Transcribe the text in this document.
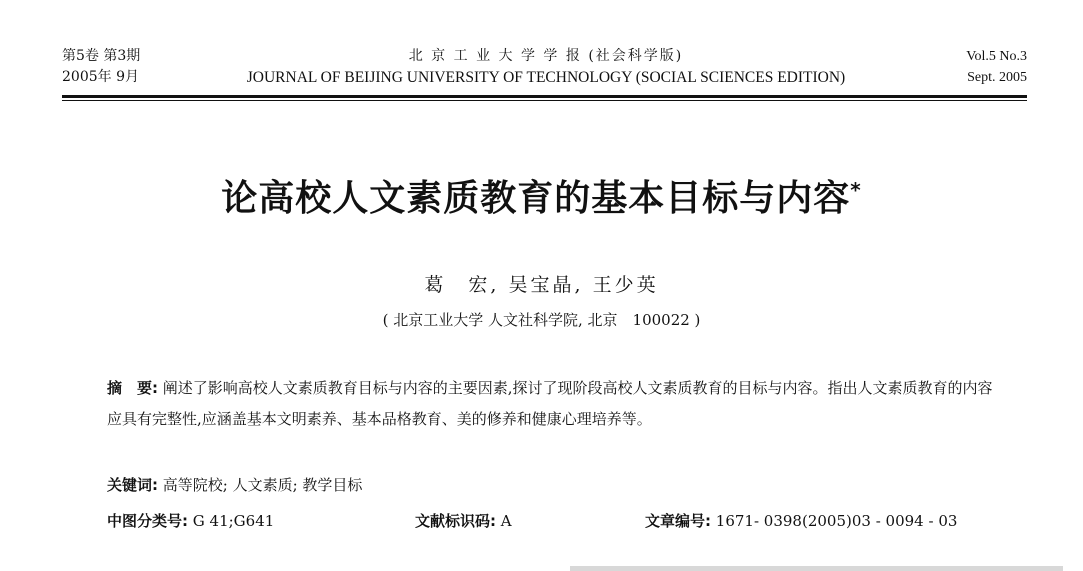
第5卷 第3期
2005年 9月
北 京 工 业 大 学 学 报 (社会科学版)
JOURNAL OF BEIJING UNIVERSITY OF TECHNOLOGY (SOCIAL SCIENCES EDITION)
Vol.5 No.3
Sept. 2005
论高校人文素质教育的基本目标与内容*
葛　宏, 吴宝晶, 王少英
( 北京工业大学 人文社科学院, 北京　100022 )
摘　要: 阐述了影响高校人文素质教育目标与内容的主要因素,探讨了现阶段高校人文素质教育的目标与内容。指出人文素质教育的内容应具有完整性,应涵盖基本文明素养、基本品格教育、美的修养和健康心理培养等。
关键词: 高等院校; 人文素质; 教学目标
中图分类号: G 41;G641	文献标识码: A	文章编号: 1671- 0398(2005)03 - 0094 - 03
